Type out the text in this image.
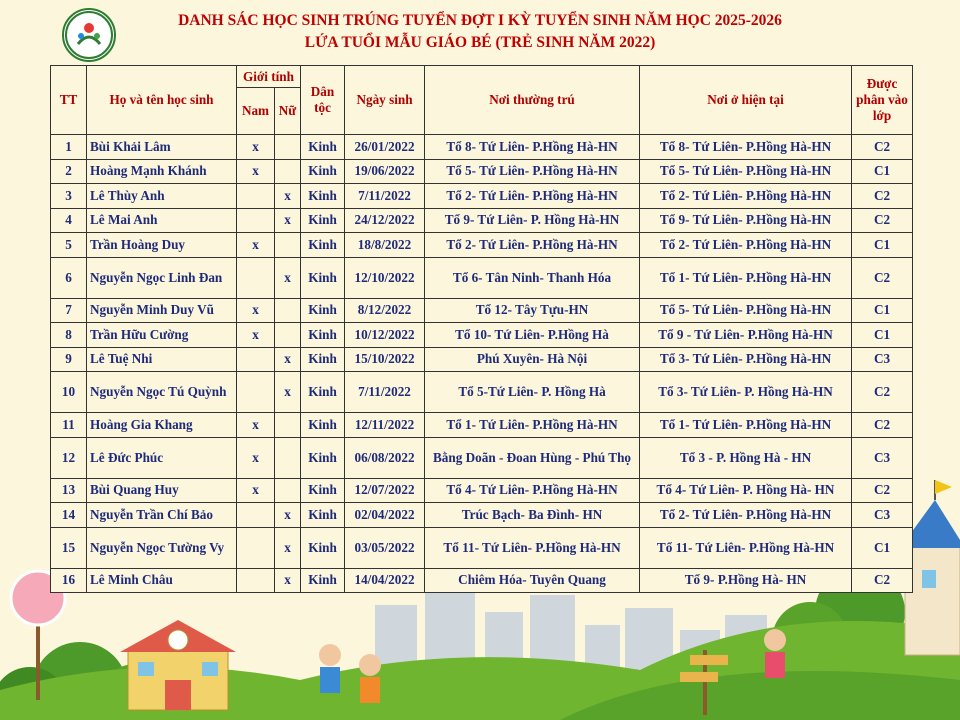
DANH SÁC HỌC SINH TRÚNG TUYỂN ĐỢT I KỲ TUYỂN SINH NĂM HỌC 2025-2026
LỨA TUỔI MẪU GIÁO BÉ (TRẺ SINH NĂM 2022)
TT	Họ và tên học sinh	Giới tính		Dân tộc	Ngày sinh	Nơi thường trú	Nơi ở hiện tại	Được phân vào lớp
		Nam	Nữ					
1	Bùi Khải Lâm	x		Kinh	26/01/2022	Tổ 8- Tứ Liên- P.Hồng Hà-HN	Tổ 8- Tứ Liên- P.Hồng Hà-HN	C2
2	Hoàng Mạnh Khánh	x		Kinh	19/06/2022	Tổ 5- Tứ Liên- P.Hồng Hà-HN	Tổ 5- Tứ Liên- P.Hồng Hà-HN	C1
3	Lê Thùy Anh		x	Kinh	7/11/2022	Tổ 2- Tứ Liên- P.Hồng Hà-HN	Tổ 2- Tứ Liên- P.Hồng Hà-HN	C2
4	Lê Mai Anh		x	Kinh	24/12/2022	Tổ 9- Tứ Liên- P. Hồng Hà-HN	Tổ 9- Tứ Liên- P.Hồng Hà-HN	C2
5	Trần Hoàng Duy	x		Kinh	18/8/2022	Tổ 2- Tứ Liên- P.Hồng Hà-HN	Tổ 2- Tứ Liên- P.Hồng Hà-HN	C1
6	Nguyễn Ngọc Linh Đan		x	Kinh	12/10/2022	Tổ 6- Tân Ninh- Thanh Hóa	Tổ 1- Tứ Liên- P.Hồng Hà-HN	C2
7	Nguyễn Minh Duy Vũ	x		Kinh	8/12/2022	Tổ 12- Tây Tựu-HN	Tổ 5- Tứ Liên- P.Hồng Hà-HN	C1
8	Trần Hữu Cường	x		Kinh	10/12/2022	Tổ 10- Tứ Liên- P.Hồng Hà	Tổ 9 - Tứ Liên- P.Hồng Hà-HN	C1
9	Lê Tuệ Nhi		x	Kinh	15/10/2022	Phú Xuyên- Hà Nội	Tổ 3- Tứ Liên- P.Hồng Hà-HN	C3
10	Nguyễn Ngọc Tú Quỳnh		x	Kinh	7/11/2022	Tổ 5-Tứ Liên- P. Hồng Hà	Tổ 3- Tứ Liên- P. Hồng Hà-HN	C2
11	Hoàng Gia Khang	x		Kinh	12/11/2022	Tổ 1- Tứ Liên- P.Hồng Hà-HN	Tổ 1- Tứ Liên- P.Hồng Hà-HN	C2
12	Lê Đức Phúc	x		Kinh	06/08/2022	Bằng Doãn - Đoan Hùng - Phú Thọ	Tổ 3 - P. Hồng Hà - HN	C3
13	Bùi Quang Huy	x		Kinh	12/07/2022	Tổ 4- Tứ Liên- P.Hồng Hà-HN	Tổ 4- Tứ Liên- P. Hồng Hà- HN	C2
14	Nguyễn Trần Chí Bảo		x	Kinh	02/04/2022	Trúc Bạch- Ba Đình- HN	Tổ 2- Tứ Liên- P.Hồng Hà-HN	C3
15	Nguyễn Ngọc Tường Vy		x	Kinh	03/05/2022	Tổ 11- Tứ Liên- P.Hồng Hà-HN	Tổ 11- Tứ Liên- P.Hồng Hà-HN	C1
16	Lê Minh Châu		x	Kinh	14/04/2022	Chiêm Hóa- Tuyên Quang	Tổ 9- P.Hồng Hà- HN	C2
